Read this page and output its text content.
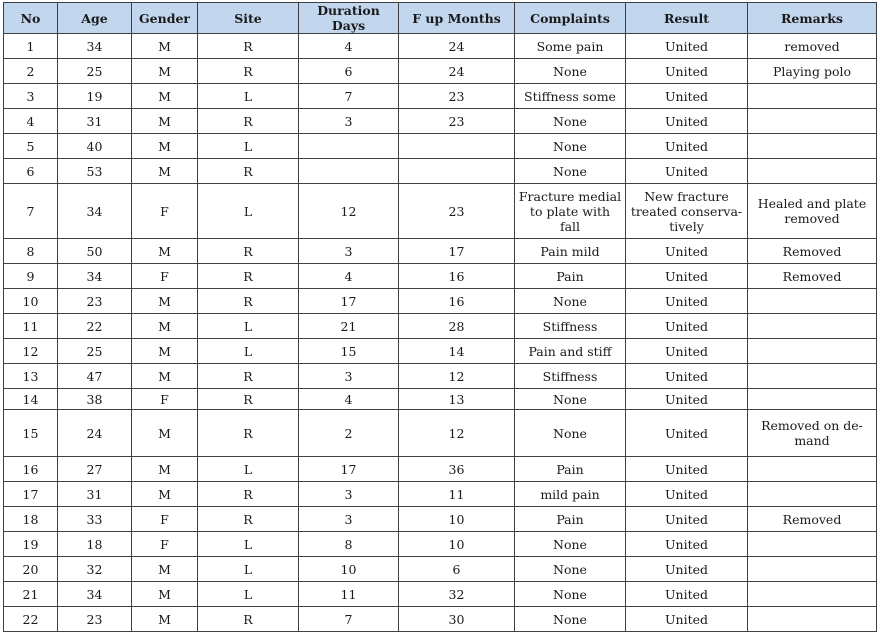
No	Age	Gender	Site	Duration Days	F up Months	Complaints	Result	Remarks
1	34	M	R	4	24	Some pain	United	removed
2	25	M	R	6	24	None	United	Playing polo
3	19	M	L	7	23	Stiffness some	United	
4	31	M	R	3	23	None	United	
5	40	M	L			None	United	
6	53	M	R			None	United	
7	34	F	L	12	23	Fracture medial to plate with fall	New fracture treated conserva-tively	Healed and plate removed
8	50	M	R	3	17	Pain mild	United	Removed
9	34	F	R	4	16	Pain	United	Removed
10	23	M	R	17	16	None	United	
11	22	M	L	21	28	Stiffness	United	
12	25	M	L	15	14	Pain and stiff	United	
13	47	M	R	3	12	Stiffness	United	
14	38	F	R	4	13	None	United	
15	24	M	R	2	12	None	United	Removed on de-mand
16	27	M	L	17	36	Pain	United	
17	31	M	R	3	11	mild pain	United	
18	33	F	R	3	10	Pain	United	Removed
19	18	F	L	8	10	None	United	
20	32	M	L	10	6	None	United	
21	34	M	L	11	32	None	United	
22	23	M	R	7	30	None	United	
